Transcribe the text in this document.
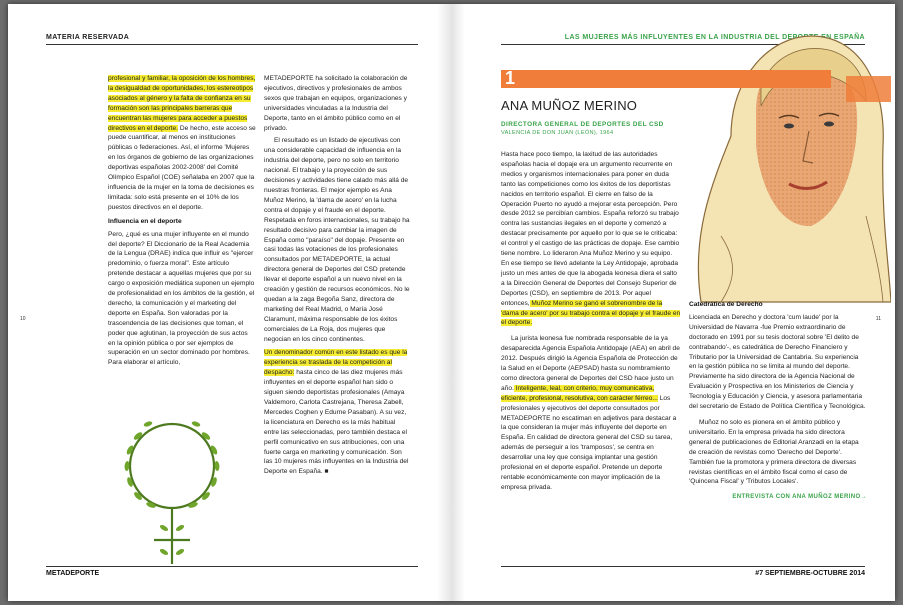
MATERIA RESERVADA

profesional y familiar, la oposición de los hombres, la desigualdad de oportunidades, los estereotipos asociados al género y la falta de confianza en su formación son las principales barreras que encuentran las mujeres para acceder a puestos directivos en el deporte. De hecho, este acceso se puede cuantificar, al menos en instituciones públicas o federaciones. Así, el informe 'Mujeres en los órganos de gobierno de las organizaciones deportivas españolas 2002-2008' del Comité Olímpico Español (COE) señalaba en 2007 que la influencia de la mujer en la toma de decisiones es limitada: solo está presente en el 10% de los puestos directivos en el deporte.

Influencia en el deporte

Pero, ¿qué es una mujer influyente en el mundo del deporte? El Diccionario de la Real Academia de la Lengua (DRAE) indica que influir es "ejercer predominio, o fuerza moral". Este artículo pretende destacar a aquellas mujeres que por su cargo o exposición mediática suponen un ejemplo de profesionalidad en los ámbitos de la gestión, el derecho, la comunicación y el marketing del deporte en España. Son valoradas por la trascendencia de las decisiones que toman, el poder que aglutinan, la proyección de sus actos en la opinión pública o por ser ejemplos de superación en un sector dominado por hombres. Para elaborar el artículo,

METADEPORTE ha solicitado la colaboración de ejecutivos, directivos y profesionales de ambos sexos que trabajan en equipos, organizaciones y universidades vinculadas a la Industria del Deporte, tanto en el ámbito público como en el privado.

El resultado es un listado de ejecutivas con una considerable capacidad de influencia en la industria del deporte, pero no solo en territorio nacional. El trabajo y la proyección de sus decisiones y actividades tiene calado más allá de nuestras fronteras. El mejor ejemplo es Ana Muñoz Merino, la 'dama de acero' en la lucha contra el dopaje y el fraude en el deporte. Respetada en foros internacionales, su trabajo ha resultado decisivo para cambiar la imagen de España como "paraíso" del dopaje. Presente en casi todas las votaciones de los profesionales consultados por METADEPORTE, la actual directora general de Deportes del CSD pretende llevar el deporte español a un nuevo nivel en la creación y gestión de recursos económicos. No le quedan a la zaga Begoña Sanz, directora de marketing del Real Madrid, o María José Claramunt, máxima responsable de los éxitos comerciales de La Roja, dos mujeres que negocian en los cinco continentes.

Un denominador común en este listado es que la experiencia se traslada de la competición al despacho: hasta cinco de las diez mujeres más influyentes en el deporte español han sido o siguen siendo deportistas profesionales (Amaya Valdemoro, Carlota Castrejana, Theresa Zabell, Mercedes Coghen y Edurne Pasaban). A su vez, la licenciatura en Derecho es la más habitual entre las seleccionadas, pero también destaca el perfil comunicativo en sus atribuciones, con una fuerte carga en marketing y comunicación. Son las 10 mujeres más influyentes en la Industria del Deporte en España. ■

10
METADEPORTE
LAS MUJERES MÁS INFLUYENTES EN LA INDUSTRIA DEL DEPORTE EN ESPAÑA
1
ANA MUÑOZ MERINO
DIRECTORA GENERAL DE DEPORTES DEL CSD
VALENCIA DE DON JUAN (LEÓN), 1964

Hasta hace poco tiempo, la laxitud de las autoridades españolas hacia el dopaje era un argumento recurrente en medios y organismos internacionales para poner en duda tanto las competiciones como los éxitos de los deportistas nacidos en territorio español. El cierre en falso de la Operación Puerto no ayudó a mejorar esta percepción. Pero desde 2012 se percibían cambios. España reforzó su trabajo contra las sustancias ilegales en el deporte y comenzó a destacar precisamente por aquello por lo que se le criticaba: el control y el castigo de las prácticas de dopaje. Ese cambio tiene nombre. Lo lideraron Ana Muñoz Merino y su equipo. En ese tiempo se llevó adelante la Ley Antidopaje, aprobada justo un mes antes de que la abogada leonesa diera el salto a la Dirección General de Deportes del Consejo Superior de Deportes (CSD), en septiembre de 2013. Por aquel entonces, Muñoz Merino se ganó el sobrenombre de la 'dama de acero' por su trabajo contra el dopaje y el fraude en el deporte.

La jurista leonesa fue nombrada responsable de la ya desaparecida Agencia Española Antidopaje (AEA) en abril de 2012. Después dirigió la Agencia Española de Protección de la Salud en el Deporte (AEPSAD) hasta su nombramiento como directora general de Deportes del CSD hace justo un año. Inteligente, leal, con criterio, muy comunicativa, eficiente, profesional, resolutiva, con carácter férreo... Los profesionales y ejecutivos del deporte consultados por METADEPORTE no escatiman en adjetivos para destacar a la que consideran la mujer más influyente del deporte en España. En calidad de directora general del CSD su tarea, además de perseguir a los 'tramposos', se centra en desarrollar una ley que consiga implantar una gestión profesional en el deporte español. Pretende un deporte rentable económicamente con mayor implicación de la empresa privada.

Catedrática de Derecho

Licenciada en Derecho y doctora 'cum laude' por la Universidad de Navarra -fue Premio extraordinario de doctorado en 1991 por su tesis doctoral sobre 'El delito de contrabando'-, es catedrática de Derecho Financiero y Tributario por la Universidad de Cantabria. Su experiencia en la gestión pública no se limita al mundo del deporte. Previamente ha sido directora de la Agencia Nacional de Evaluación y Prospectiva en los Ministerios de Ciencia y Tecnología y Educación y Ciencia, y asesora parlamentaria del secretario de Estado de Política Científica y Tecnológica.

Muñoz no solo es pionera en el ámbito público y universitario. En la empresa privada ha sido directora general de publicaciones de Editorial Aranzadi en la etapa de creación de revistas como 'Derecho del Deporte'. También fue la promotora y primera directora de diversas revistas científicas en el ámbito fiscal como el caso de 'Quincena Fiscal' y 'Tributos Locales'.

ENTREVISTA CON ANA MUÑOZ MERINO→

11
#7 SEPTIEMBRE-OCTUBRE 2014
